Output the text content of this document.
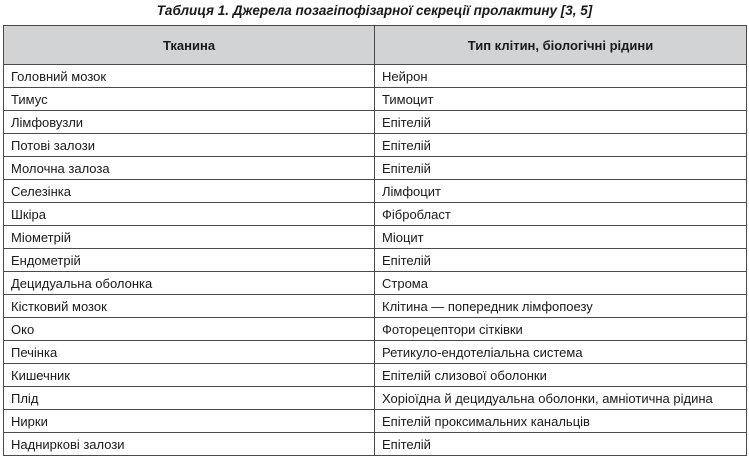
Таблиця 1. Джерела позагіпофізарної секреції пролактину [3, 5]
Тканина	Тип клітин, біологічні рідини
Головний мозок	Нейрон
Тимус	Тимоцит
Лімфовузли	Епітелій
Потові залози	Епітелій
Молочна залоза	Епітелій
Селезінка	Лімфоцит
Шкіра	Фібробласт
Міометрій	Міоцит
Ендометрій	Епітелій
Децидуальна оболонка	Строма
Кістковий мозок	Клітина — попередник лімфопоезу
Око	Фоторецептори сітківки
Печінка	Ретикуло-ендотеліальна система
Кишечник	Епітелій слизової оболонки
Плід	Хоріоїдна й децидуальна оболонки, амніотична рідина
Нирки	Епітелій проксимальних канальців
Надниркові залози	Епітелій
